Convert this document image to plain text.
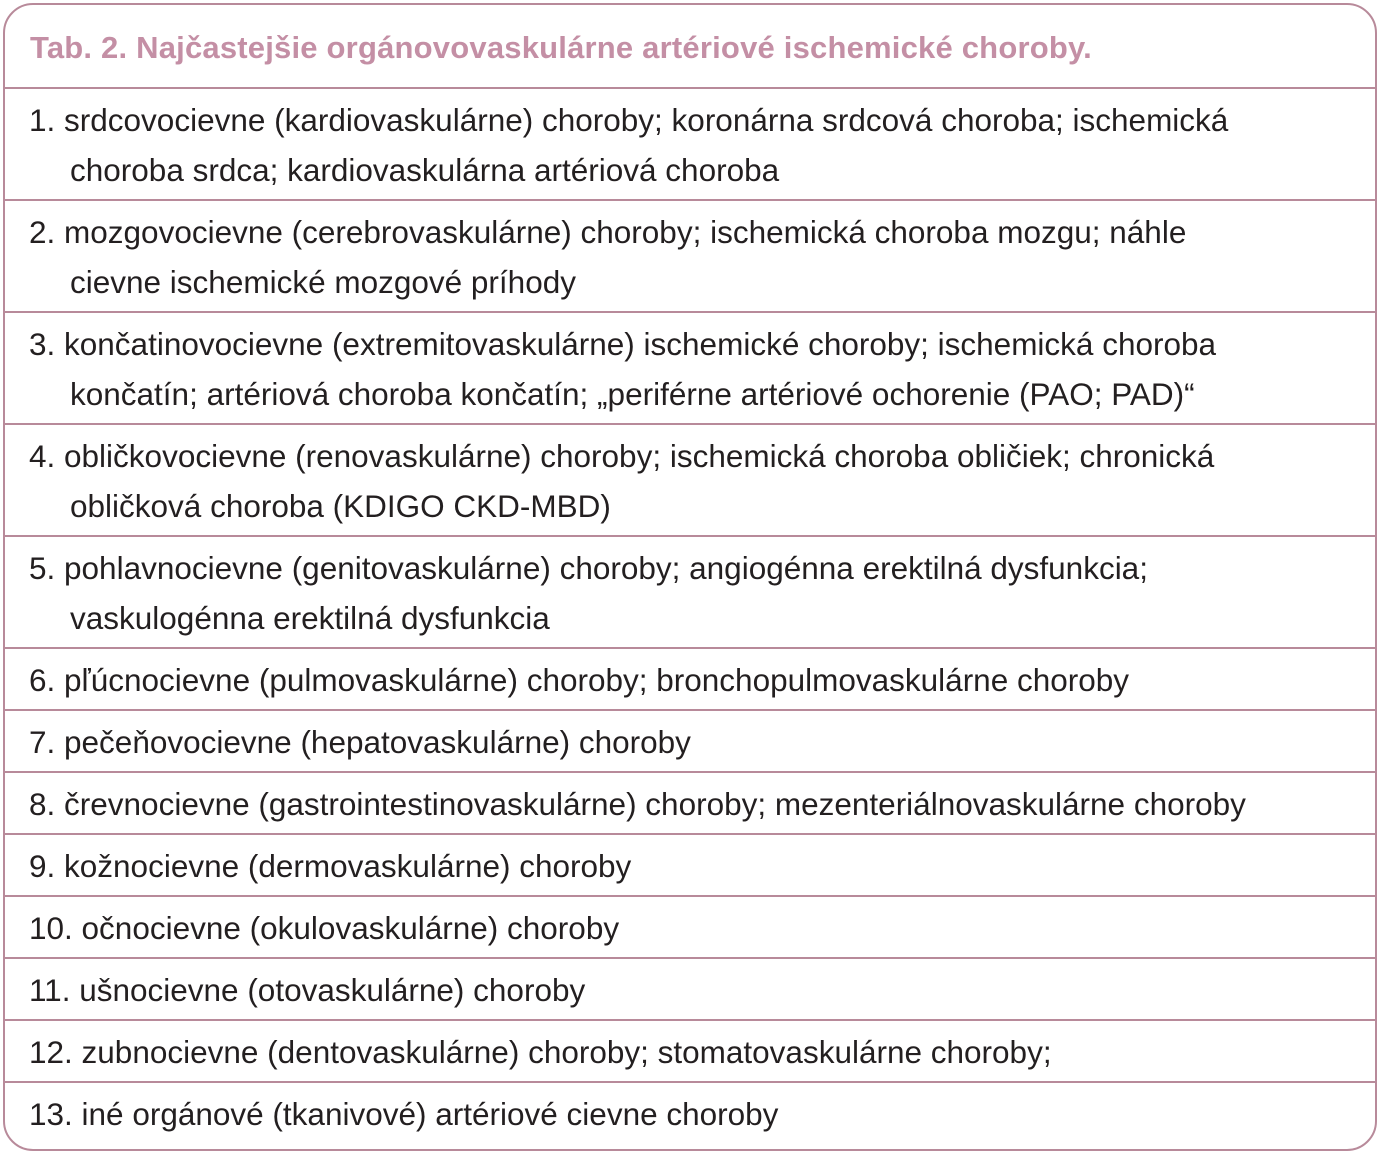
Tab. 2. Najčastejšie orgánovovaskulárne artériové ischemické choroby.
1. srdcovocievne (kardiovaskulárne) choroby; koronárna srdcová choroba; ischemická
choroba srdca; kardiovaskulárna artériová choroba
2. mozgovocievne (cerebrovaskulárne) choroby; ischemická choroba mozgu; náhle
cievne ischemické mozgové príhody
3. končatinovocievne (extremitovaskulárne) ischemické choroby; ischemická choroba
končatín; artériová choroba končatín; „periférne artériové ochorenie (PAO; PAD)“
4. obličkovocievne (renovaskulárne) choroby; ischemická choroba obličiek; chronická
obličková choroba (KDIGO CKD-MBD)
5. pohlavnocievne (genitovaskulárne) choroby; angiogénna erektilná dysfunkcia;
vaskulogénna erektilná dysfunkcia
6. pľúcnocievne (pulmovaskulárne) choroby; bronchopulmovaskulárne choroby
7. pečeňovocievne (hepatovaskulárne) choroby
8. črevnocievne (gastrointestinovaskulárne) choroby; mezenteriálnovaskulárne choroby
9. kožnocievne (dermovaskulárne) choroby
10. očnocievne (okulovaskulárne) choroby
11. ušnocievne (otovaskulárne) choroby
12. zubnocievne (dentovaskulárne) choroby; stomatovaskulárne choroby;
13. iné orgánové (tkanivové) artériové cievne choroby
